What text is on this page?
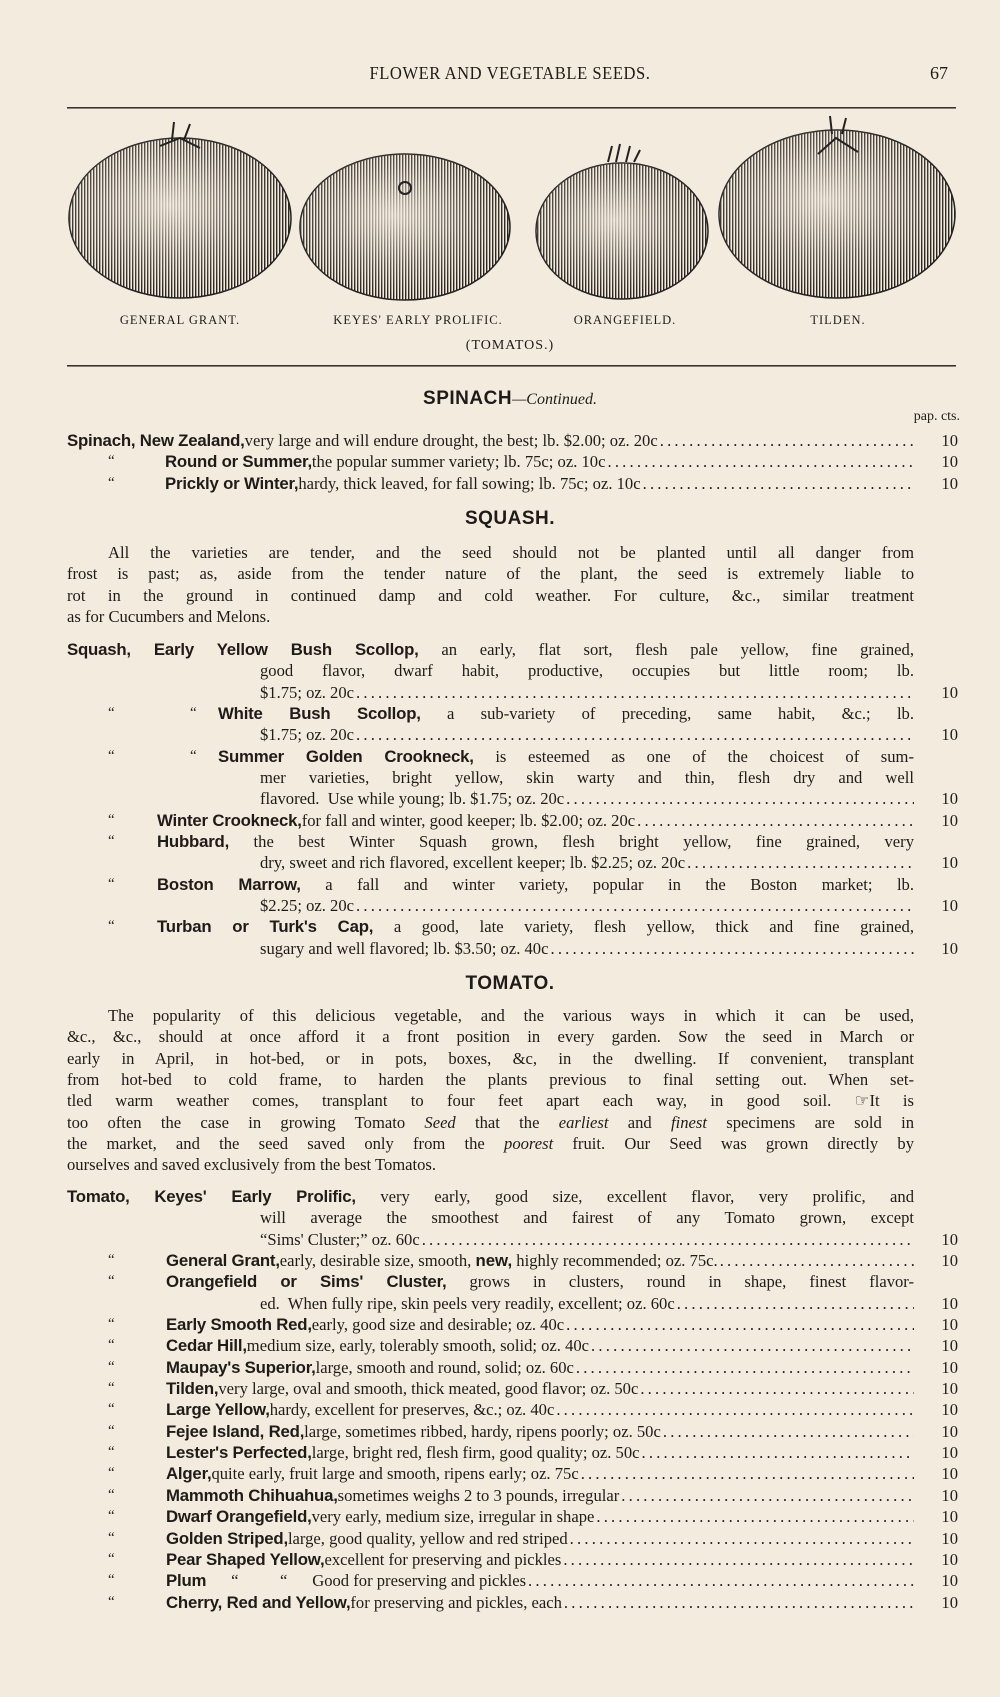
FLOWER AND VEGETABLE SEEDS.	67
GENERAL GRANT.	KEYES' EARLY PROLIFIC.	ORANGEFIELD.	TILDEN.
(TOMATOS.)
SPINACH—Continued.
pap. cts.
Spinach, New Zealand, very large and will endure drought, the best; lb. $2.00; oz. 20c .....	10
“	Round or Summer, the popular summer variety; lb. 75c; oz. 10c .....	10
“	Prickly or Winter, hardy, thick leaved, for fall sowing; lb. 75c; oz. 10c .....	10
SQUASH.
All the varieties are tender, and the seed should not be planted until all danger from
frost is past; as, aside from the tender nature of the plant, the seed is extremely liable to
rot in the ground in continued damp and cold weather. For culture, &c., similar treatment
as for Cucumbers and Melons.
Squash, Early Yellow Bush Scollop, an early, flat sort, flesh pale yellow, fine grained,
good flavor, dwarf habit, productive, occupies but little room; lb.
$1.75; oz. 20c .....	10
“	“ White Bush Scollop, a sub-variety of preceding, same habit, &c.; lb.
$1.75; oz. 20c .....	10
“	“ Summer Golden Crookneck, is esteemed as one of the choicest of sum-
mer varieties, bright yellow, skin warty and thin, flesh dry and well
flavored.  Use while young; lb. $1.75; oz. 20c .....	10
“	Winter Crookneck, for fall and winter, good keeper; lb. $2.00; oz. 20c .....	10
“	Hubbard, the best Winter Squash grown, flesh bright yellow, fine grained, very
dry, sweet and rich flavored, excellent keeper; lb. $2.25; oz. 20c .....	10
“	Boston Marrow, a fall and winter variety, popular in the Boston market; lb.
$2.25; oz. 20c .....	10
“	Turban or Turk's Cap, a good, late variety, flesh yellow, thick and fine grained,
sugary and well flavored; lb. $3.50; oz. 40c .....	10
TOMATO.
The popularity of this delicious vegetable, and the various ways in which it can be used,
&c., &c., should at once afford it a front position in every garden. Sow the seed in March or
early in April, in hot-bed, or in pots, boxes, &c, in the dwelling. If convenient, transplant
from hot-bed to cold frame, to harden the plants previous to final setting out. When set-
tled warm weather comes, transplant to four feet apart each way, in good soil. ☞It is
too often the case in growing Tomato Seed that the earliest and finest specimens are sold in
the market, and the seed saved only from the poorest fruit. Our Seed was grown directly by
ourselves and saved exclusively from the best Tomatos.
Tomato, Keyes' Early Prolific, very early, good size, excellent flavor, very prolific, and
will average the smoothest and fairest of any Tomato grown, except
“Sims' Cluster;” oz. 60c .....	10
“	General Grant, early, desirable size, smooth, new, highly recommended; oz. 75c. .....	10
“	Orangefield or Sims' Cluster, grows in clusters, round in shape, finest flavor-
ed.  When fully ripe, skin peels very readily, excellent; oz. 60c .....	10
“	Early Smooth Red, early, good size and desirable; oz. 40c .....	10
“	Cedar Hill, medium size, early, tolerably smooth, solid; oz. 40c .....	10
“	Maupay's Superior, large, smooth and round, solid; oz. 60c .....	10
“	Tilden, very large, oval and smooth, thick meated, good flavor; oz. 50c .....	10
“	Large Yellow, hardy, excellent for preserves, &c.; oz. 40c .....	10
“	Fejee Island, Red, large, sometimes ribbed, hardy, ripens poorly; oz. 50c .....	10
“	Lester's Perfected, large, bright red, flesh firm, good quality; oz. 50c .....	10
“	Alger, quite early, fruit large and smooth, ripens early; oz. 75c .....	10
“	Mammoth Chihuahua, sometimes weighs 2 to 3 pounds, irregular .....	10
“	Dwarf Orangefield, very early, medium size, irregular in shape .....	10
“	Golden Striped, large, good quality, yellow and red striped .....	10
“	Pear Shaped Yellow, excellent for preserving and pickles .....	10
“	Plum “          “      Good for preserving and pickles .....	10
“	Cherry, Red and Yellow, for preserving and pickles, each .....	10
